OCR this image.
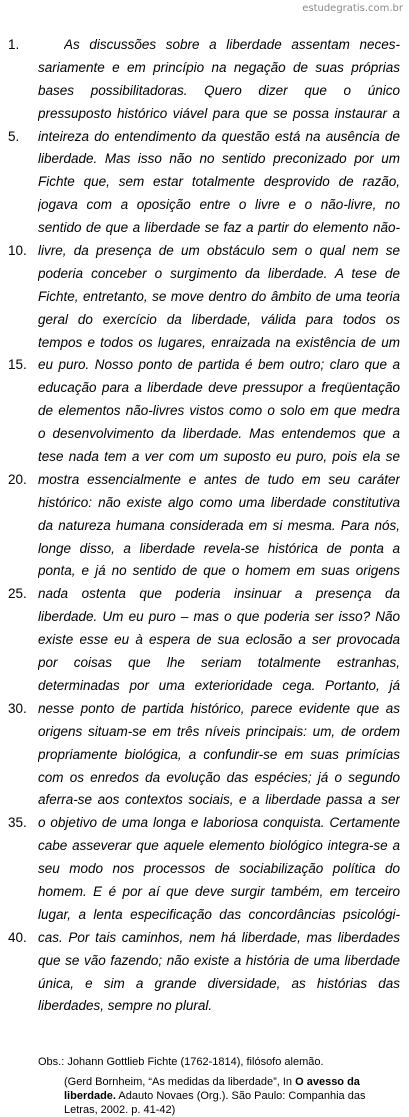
estudegratis.com.br
1.	As discussões sobre a liberdade assentam neces-
sariamente e em princípio na negação de suas próprias
bases possibilitadoras. Quero dizer que o único
pressuposto histórico viável para que se possa instaurar a
5. inteireza do entendimento da questão está na ausência de
liberdade. Mas isso não no sentido preconizado por um
Fichte que, sem estar totalmente desprovido de razão,
jogava com a oposição entre o livre e o não-livre, no
sentido de que a liberdade se faz a partir do elemento não-
10. livre, da presença de um obstáculo sem o qual nem se
poderia conceber o surgimento da liberdade. A tese de
Fichte, entretanto, se move dentro do âmbito de uma teoria
geral do exercício da liberdade, válida para todos os
tempos e todos os lugares, enraizada na existência de um
15. eu puro. Nosso ponto de partida é bem outro; claro que a
educação para a liberdade deve pressupor a freqüentação
de elementos não-livres vistos como o solo em que medra
o desenvolvimento da liberdade. Mas entendemos que a
tese nada tem a ver com um suposto eu puro, pois ela se
20. mostra essencialmente e antes de tudo em seu caráter
histórico: não existe algo como uma liberdade constitutiva
da natureza humana considerada em si mesma. Para nós,
longe disso, a liberdade revela-se histórica de ponta a
ponta, e já no sentido de que o homem em suas origens
25. nada ostenta que poderia insinuar a presença da
liberdade. Um eu puro – mas o que poderia ser isso? Não
existe esse eu à espera de sua eclosão a ser provocada
por coisas que lhe seriam totalmente estranhas,
determinadas por uma exterioridade cega. Portanto, já
30. nesse ponto de partida histórico, parece evidente que as
origens situam-se em três níveis principais: um, de ordem
propriamente biológica, a confundir-se em suas primícias
com os enredos da evolução das espécies; já o segundo
aferra-se aos contextos sociais, e a liberdade passa a ser
35. o objetivo de uma longa e laboriosa conquista. Certamente
cabe asseverar que aquele elemento biológico integra-se a
seu modo nos processos de sociabilização política do
homem. E é por aí que deve surgir também, em terceiro
lugar, a lenta especificação das concordâncias psicológi-
40. cas. Por tais caminhos, nem há liberdade, mas liberdades
que se vão fazendo; não existe a história de uma liberdade
única, e sim a grande diversidade, as histórias das
liberdades, sempre no plural.
Obs.: Johann Gottlieb Fichte (1762-1814), filósofo alemão.
(Gerd Bornheim, “As medidas da liberdade”, In O avesso da liberdade. Adauto Novaes (Org.). São Paulo: Companhia das Letras, 2002. p. 41-42)
